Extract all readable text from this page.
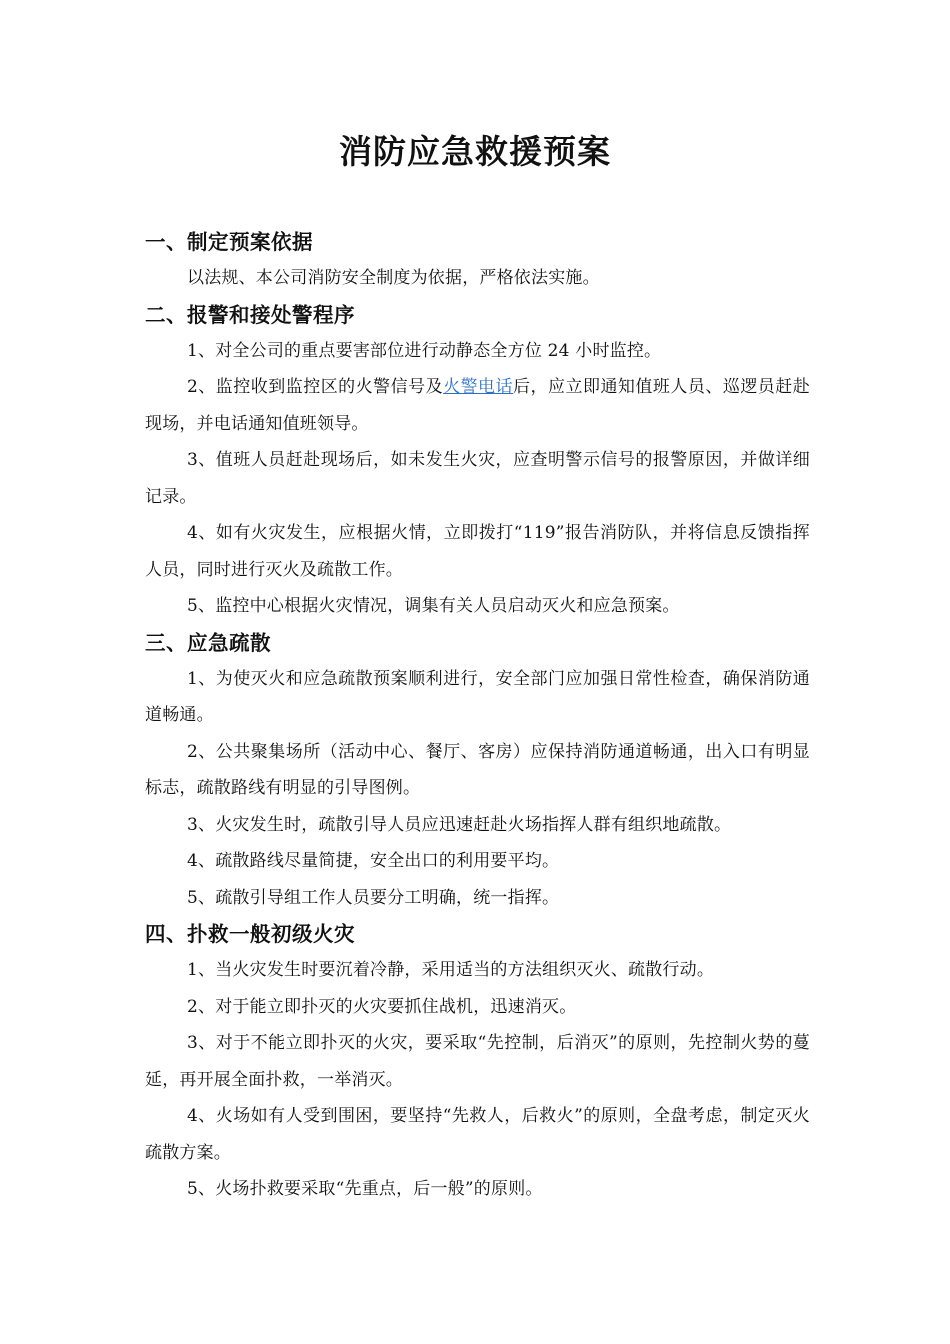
消防应急救援预案

一、制定预案依据

以法规、本公司消防安全制度为依据，严格依法实施。

二、报警和接处警程序

1、对全公司的重点要害部位进行动静态全方位 24 小时监控。

2、监控收到监控区的火警信号及火警电话后，应立即通知值班人员、巡逻员赶赴现场，并电话通知值班领导。

3、值班人员赶赴现场后，如未发生火灾，应查明警示信号的报警原因，并做详细记录。

4、如有火灾发生，应根据火情，立即拨打“119”报告消防队，并将信息反馈指挥人员，同时进行灭火及疏散工作。

5、监控中心根据火灾情况，调集有关人员启动灭火和应急预案。

三、应急疏散

1、为使灭火和应急疏散预案顺利进行，安全部门应加强日常性检查，确保消防通道畅通。

2、公共聚集场所（活动中心、餐厅、客房）应保持消防通道畅通，出入口有明显标志，疏散路线有明显的引导图例。

3、火灾发生时，疏散引导人员应迅速赶赴火场指挥人群有组织地疏散。

4、疏散路线尽量简捷，安全出口的利用要平均。

5、疏散引导组工作人员要分工明确，统一指挥。

四、扑救一般初级火灾

1、当火灾发生时要沉着冷静，采用适当的方法组织灭火、疏散行动。

2、对于能立即扑灭的火灾要抓住战机，迅速消灭。

3、对于不能立即扑灭的火灾，要采取“先控制，后消灭”的原则，先控制火势的蔓延，再开展全面扑救，一举消灭。

4、火场如有人受到围困，要坚持“先救人，后救火”的原则，全盘考虑，制定灭火疏散方案。

5、火场扑救要采取“先重点，后一般”的原则。
